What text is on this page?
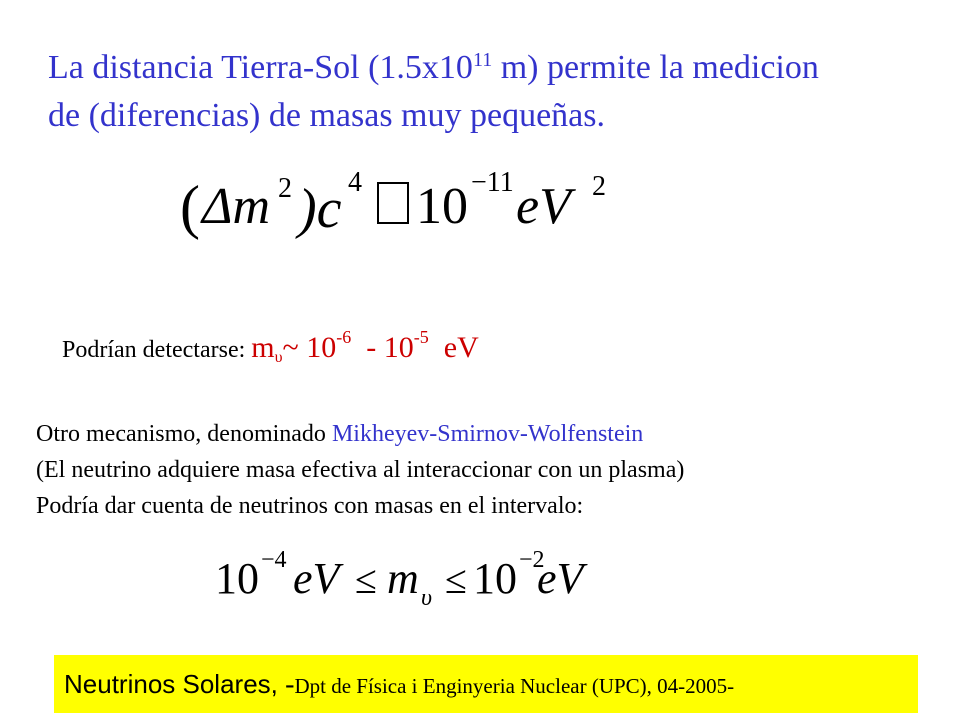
La distancia Tierra-Sol ($1.5x10^{11}$ m) permite la medicion
de (diferencias) de masas muy pequeñas.
( Δm 2 )c 4 10 −11 eV 2
Podrían detectarse: $m_\upsilon\sim$ $10^{-6} - 10^{-5}$  eV
Otro mecanismo, denominado Mikheyev-Smirnov-Wolfenstein
(El neutrino adquiere masa efectiva al interaccionar con un plasma)
Podría dar cuenta de neutrinos con masas en el intervalo:
10 −4 eV ≤ m υ ≤ 10 −2
eV
Neutrinos Solares, -Dpt de Física i Enginyeria Nuclear (UPC), 04-2005-
